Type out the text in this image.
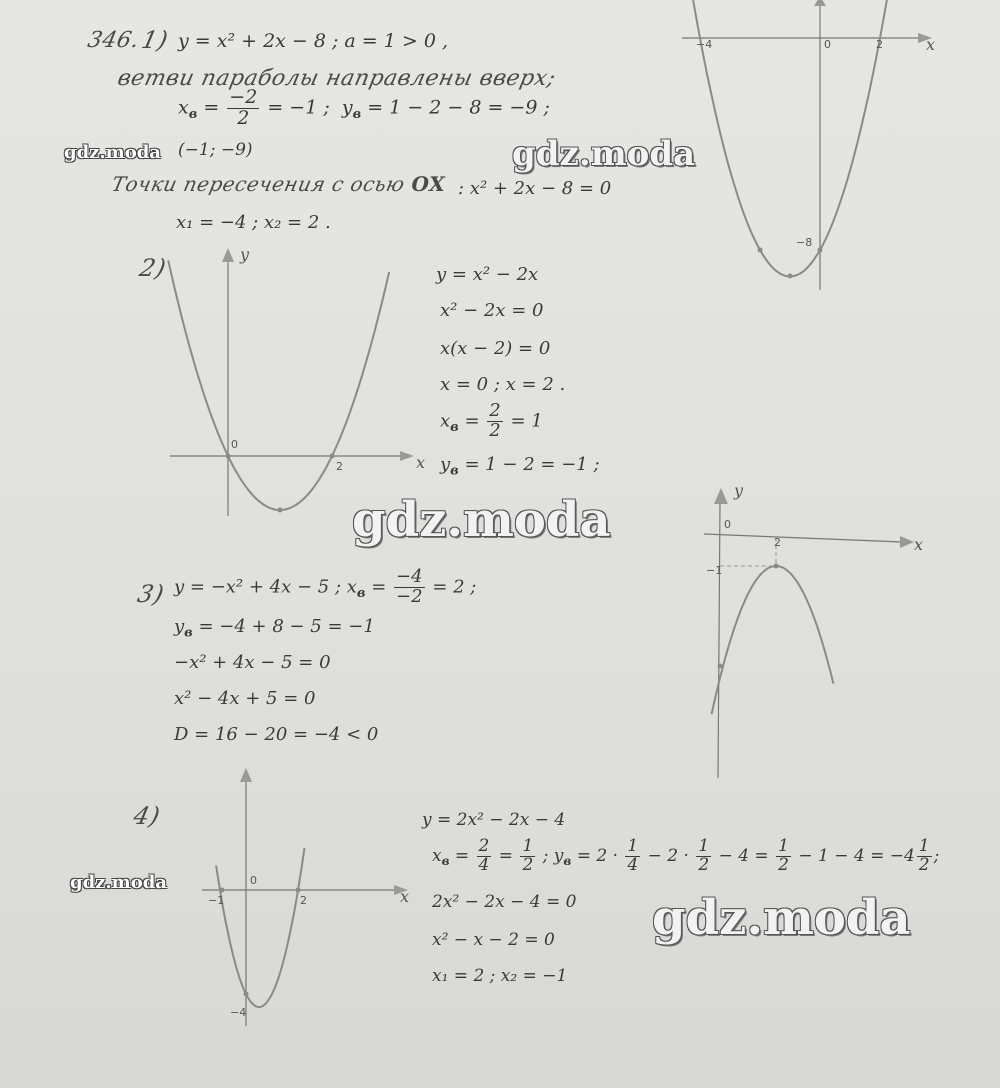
346.
1) y = x² + 2x − 8 ; a = 1 > 0 ,
ветви параболы направлены вверх;
$x_в = \frac{-2}{2} = -1$ ; $y_в = 1 - 2 - 8 = -9$ ;
(−1; −9)
Точки пересечения с осью OX : x² + 2x − 8 = 0
x₁ = −4 ; x₂ = 2 .
2)	y = x² − 2x
x² − 2x = 0
x(x − 2) = 0
x = 0 ; x = 2 .
$x_в = \frac{2}{2} = 1$
$y_в = 1 - 2 = -1$ ;
3) y = −x² + 4x − 5 ; $x_в = \frac{-4}{-2} = 2$ ;
$y_в = -4 + 8 - 5 = -1$
−x² + 4x − 5 = 0
x² − 4x + 5 = 0
D = 16 − 20 = −4 < 0
4)	y = 2x² − 2x − 4
$x_в = \frac{2}{4} = \frac{1}{2}$ ; $y_в = 2 \cdot \frac{1}{4} - 2 \cdot \frac{1}{2} - 4 = \frac{1}{2} - 1 - 4 = -4 \frac{1}{2}$ ;
2x² − 2x − 4 = 0
x² − x − 2 = 0
x₁ = 2 ; x₂ = −1
−4	0	2
−8
x
0
2	x
y
0
2
−1
x
y
−1
0
2
−4
x
gdz.moda	gdz.moda
gdz.moda
gdz.moda
gdz.moda
